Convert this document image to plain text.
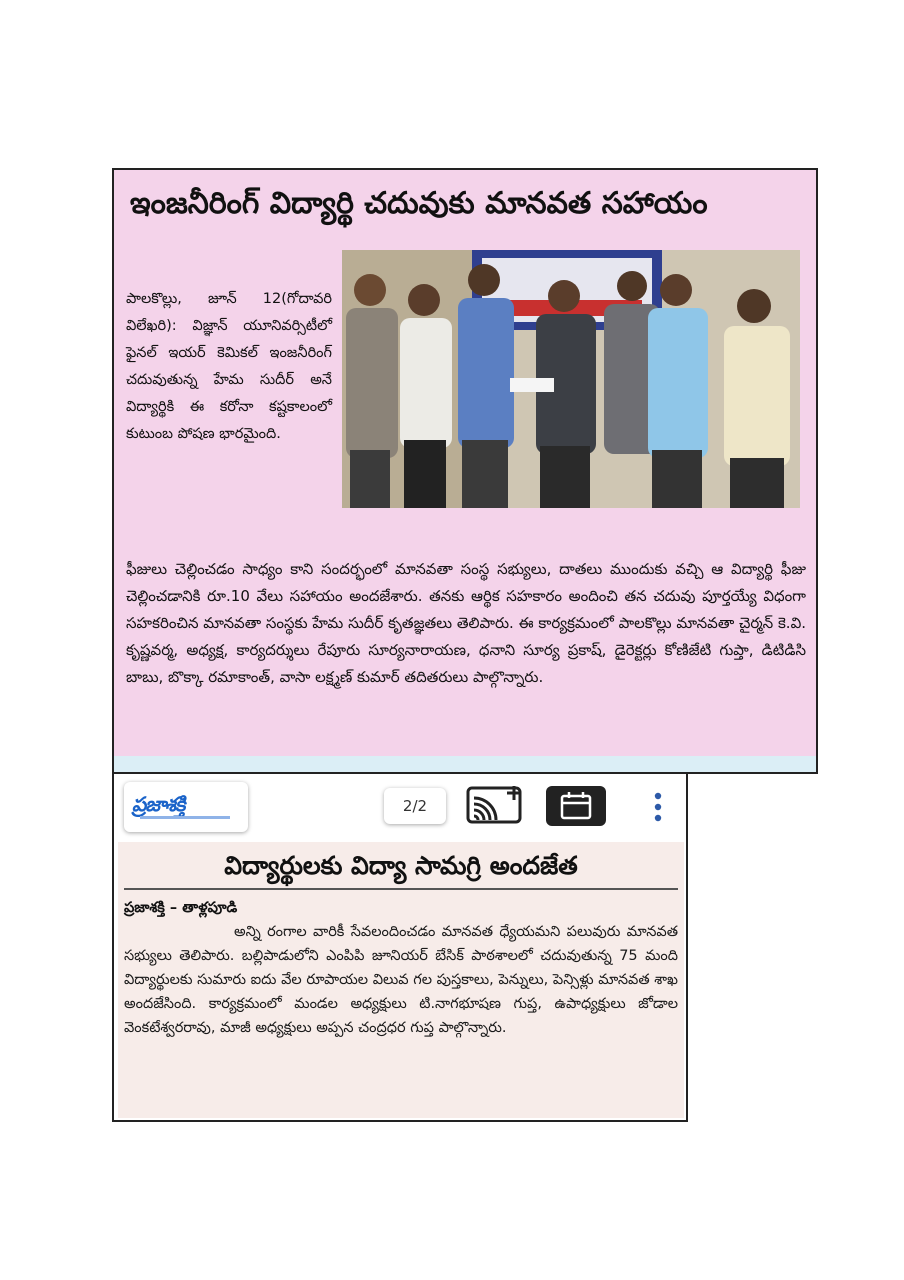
ఇంజనీరింగ్ విద్యార్థి చదువుకు మానవత సహాయం
పాలకొల్లు, జూన్ 12(గోదావరి విలేఖరి): విజ్ఞాన్ యూనివర్సిటీలో ఫైనల్ ఇయర్ కెమికల్ ఇంజనీరింగ్ చదువుతున్న హేమ సుదీర్ అనే విద్యార్థికి ఈ కరోనా కష్టకాలంలో కుటుంబ పోషణ భారమైంది.
ఫీజులు చెల్లించడం సాధ్యం కాని సందర్భంలో మానవతా సంస్థ సభ్యులు, దాతలు ముందుకు వచ్చి ఆ విద్యార్థి ఫీజు చెల్లించడానికి రూ.10 వేలు సహాయం అందజేశారు. తనకు ఆర్థిక సహకారం అందించి తన చదువు పూర్తయ్యే విధంగా సహకరించిన మానవతా సంస్థకు హేమ సుదీర్ కృతజ్ఞతలు తెలిపారు. ఈ కార్యక్రమంలో పాలకొల్లు మానవతా చైర్మన్ కె.వి. కృష్ణవర్మ, అధ్యక్ష, కార్యదర్శులు రేపూరు సూర్యనారాయణ, ధనాని సూర్య ప్రకాష్, డైరెక్టర్లు కోణిజేటి గుప్తా, డిటిడిసి బాబు, బొక్కా రమాకాంత్, వాసా లక్ష్మణ్ కుమార్ తదితరులు పాల్గొన్నారు.
ప్రజాశక్తి	2/2
విద్యార్థులకు విద్యా సామగ్రి అందజేత
ప్రజాశక్తి – తాళ్లపూడి
అన్ని రంగాల వారికీ సేవలందించడం మానవత ధ్యేయమని పలువురు మానవత సభ్యులు తెలిపారు. బల్లిపాడులోని ఎంపిపి జూనియర్ బేసిక్ పాఠశాలలో చదువుతున్న 75 మంది విద్యార్థులకు సుమారు ఐదు వేల రూపాయల విలువ గల పుస్తకాలు, పెన్నులు, పెన్సిళ్లు మానవత శాఖ అందజేసింది. కార్యక్రమంలో మండల అధ్యక్షులు టి.నాగభూషణ గుప్త, ఉపాధ్యక్షులు జోడాల వెంకటేశ్వరరావు, మాజీ అధ్యక్షులు అప్పన చంద్రధర గుప్త పాల్గొన్నారు.
